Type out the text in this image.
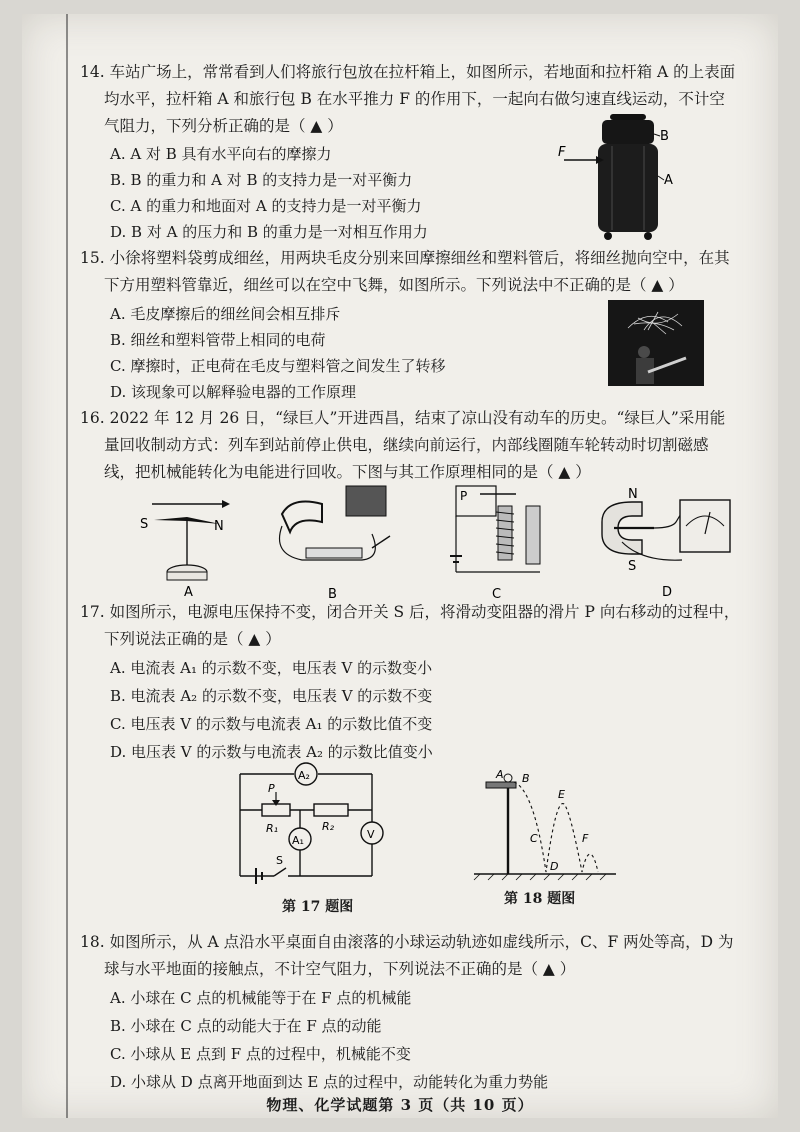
14. 车站广场上，常常看到人们将旅行包放在拉杆箱上，如图所示，若地面和拉杆箱 A 的上表面
均水平，拉杆箱 A 和旅行包 B 在水平推力 F 的作用下，一起向右做匀速直线运动，不计空
气阻力，下列分析正确的是（ ▲ ）
A. A 对 B 具有水平向右的摩擦力
B. B 的重力和 A 对 B 的支持力是一对平衡力
C. A 的重力和地面对 A 的支持力是一对平衡力
D. B 对 A 的压力和 B 的重力是一对相互作用力
F
B
A
15. 小徐将塑料袋剪成细丝，用两块毛皮分别来回摩擦细丝和塑料管后，将细丝抛向空中，在其
下方用塑料管靠近，细丝可以在空中飞舞，如图所示。下列说法中不正确的是（ ▲ ）
A. 毛皮摩擦后的细丝间会相互排斥
B. 细丝和塑料管带上相同的电荷
C. 摩擦时，正电荷在毛皮与塑料管之间发生了转移
D. 该现象可以解释验电器的工作原理
16. 2022 年 12 月 26 日，“绿巨人”开进西昌，结束了凉山没有动车的历史。“绿巨人”采用能
量回收制动方式：列车到站前停止供电，继续向前运行，内部线圈随车轮转动时切割磁感
线，把机械能转化为电能进行回收。下图与其工作原理相同的是（ ▲ ）
S	N
A	B
P
C
N
S
D
17. 如图所示，电源电压保持不变，闭合开关 S 后，将滑动变阻器的滑片 P 向右移动的过程中，
下列说法正确的是（ ▲ ）
A. 电流表 A₁ 的示数不变，电压表 V 的示数变小
B. 电流表 A₂ 的示数不变，电压表 V 的示数不变
C. 电压表 V 的示数与电流表 A₁ 的示数比值不变
D. 电压表 V 的示数与电流表 A₂ 的示数比值变小
A₂
P
R₁	R₂
A₁	V
S
第 17 题图
A B
C
D
E
F
第 18 题图
18. 如图所示，从 A 点沿水平桌面自由滚落的小球运动轨迹如虚线所示，C、F 两处等高，D 为
球与水平地面的接触点，不计空气阻力，下列说法不正确的是（ ▲ ）
A. 小球在 C 点的机械能等于在 F 点的机械能
B. 小球在 C 点的动能大于在 F 点的动能
C. 小球从 E 点到 F 点的过程中，机械能不变
D. 小球从 D 点离开地面到达 E 点的过程中，动能转化为重力势能
物理、化学试题第 3 页（共 10 页）
